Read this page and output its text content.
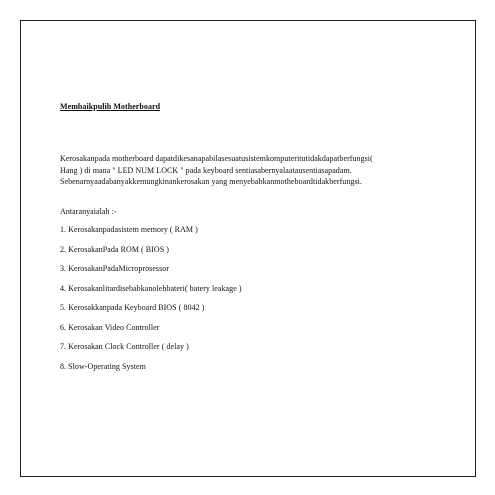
Membaikpulih Motherboard

Kerosakanpada motherboard dapatdikesanapabilasesuatusistemkomputeritutidakdapatberfungsi(
Hang ) di mana " LED NUM LOCK " pada keyboard sentiasabernyalaatausentiasapadam.
Sebenarnyaadabanyakkemungkinankerosakan yang menyebabkanmotheboardtidakberfungsi.

Antaranyaialah :-
1. Kerosakanpadasistem memory ( RAM )
2. KerosakanPada ROM ( BIOS )
3. KerosakanPadaMicroprosessor
4. Kerosakanlitardisebabkanolehbateri( batery leakage )
5. Kerosakkanpada Keyboard BIOS ( 8042 )
6. Kerosakan Video Controller
7. Kerosakan Clock Controller ( delay )
8. Slow-Operating System
